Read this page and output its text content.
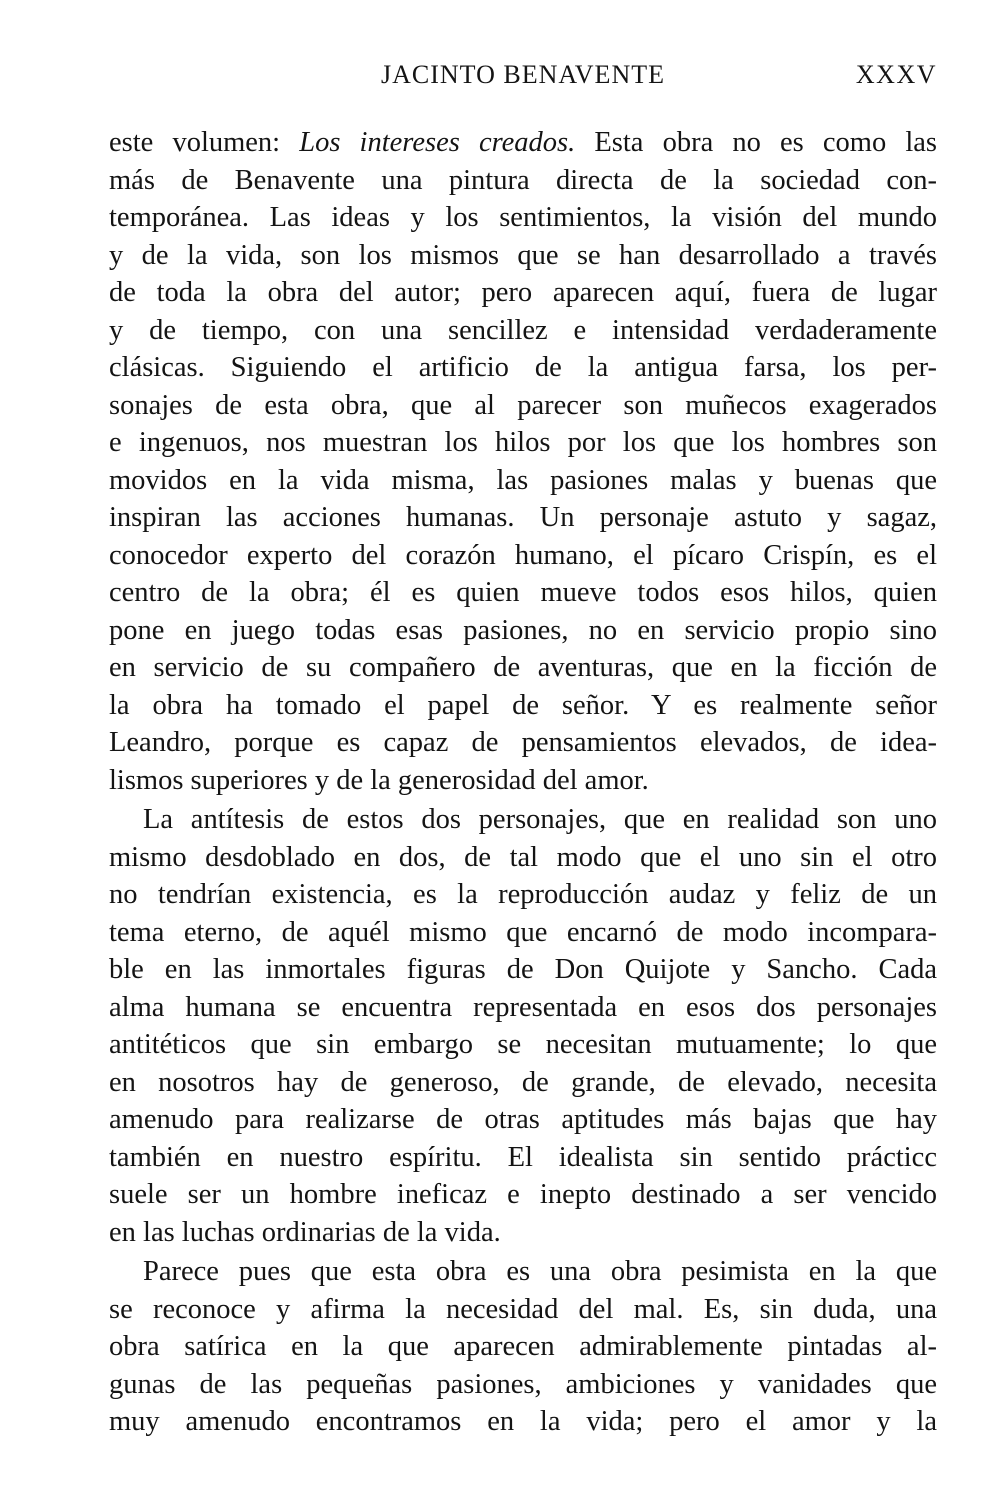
JACINTO BENAVENTE	XXXV
este volumen: Los intereses creados. Esta obra no es como las
más de Benavente una pintura directa de la sociedad con-
temporánea. Las ideas y los sentimientos, la visión del mundo
y de la vida, son los mismos que se han desarrollado a través
de toda la obra del autor; pero aparecen aquí, fuera de lugar
y de tiempo, con una sencillez e intensidad verdaderamente
clásicas. Siguiendo el artificio de la antigua farsa, los per-
sonajes de esta obra, que al parecer son muñecos exagerados
e ingenuos, nos muestran los hilos por los que los hombres son
movidos en la vida misma, las pasiones malas y buenas que
inspiran las acciones humanas. Un personaje astuto y sagaz,
conocedor experto del corazón humano, el pícaro Crispín, es el
centro de la obra; él es quien mueve todos esos hilos, quien
pone en juego todas esas pasiones, no en servicio propio sino
en servicio de su compañero de aventuras, que en la ficción de
la obra ha tomado el papel de señor. Y es realmente señor
Leandro, porque es capaz de pensamientos elevados, de idea-
lismos superiores y de la generosidad del amor.
La antítesis de estos dos personajes, que en realidad son uno
mismo desdoblado en dos, de tal modo que el uno sin el otro
no tendrían existencia, es la reproducción audaz y feliz de un
tema eterno, de aquél mismo que encarnó de modo incompara-
ble en las inmortales figuras de Don Quijote y Sancho. Cada
alma humana se encuentra representada en esos dos personajes
antitéticos que sin embargo se necesitan mutuamente; lo que
en nosotros hay de generoso, de grande, de elevado, necesita
amenudo para realizarse de otras aptitudes más bajas que hay
también en nuestro espíritu. El idealista sin sentido prácticc
suele ser un hombre ineficaz e inepto destinado a ser vencido
en las luchas ordinarias de la vida.
Parece pues que esta obra es una obra pesimista en la que
se reconoce y afirma la necesidad del mal. Es, sin duda, una
obra satírica en la que aparecen admirablemente pintadas al-
gunas de las pequeñas pasiones, ambiciones y vanidades que
muy amenudo encontramos en la vida; pero el amor y la
